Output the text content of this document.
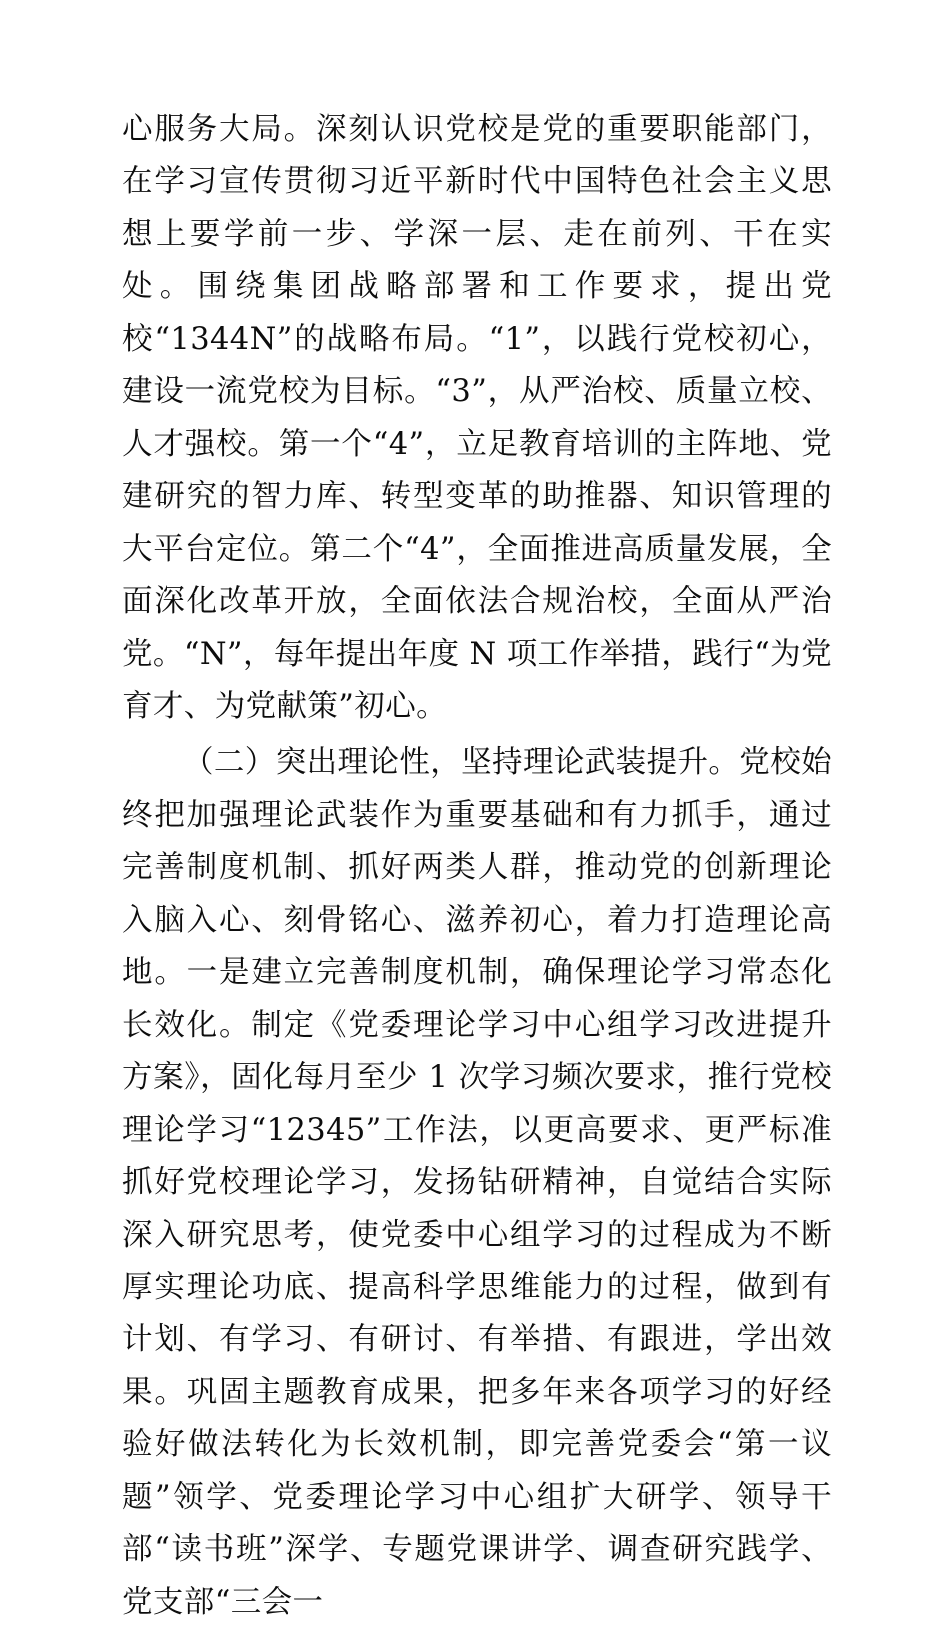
心服务大局。深刻认识党校是党的重要职能部门，在学习宣传贯彻习近平新时代中国特色社会主义思想上要学前一步、学深一层、走在前列、干在实处。围绕集团战略部署和工作要求，提出党校“1344N”的战略布局。“1”，以践行党校初心，建设一流党校为目标。“3”，从严治校、质量立校、人才强校。第一个“4”，立足教育培训的主阵地、党建研究的智力库、转型变革的助推器、知识管理的大平台定位。第二个“4”，全面推进高质量发展，全面深化改革开放，全面依法合规治校，全面从严治党。“N”，每年提出年度 N 项工作举措，践行“为党育才、为党献策”初心。

（二）突出理论性，坚持理论武装提升。党校始终把加强理论武装作为重要基础和有力抓手，通过完善制度机制、抓好两类人群，推动党的创新理论入脑入心、刻骨铭心、滋养初心，着力打造理论高地。一是建立完善制度机制，确保理论学习常态化长效化。制定《党委理论学习中心组学习改进提升方案》，固化每月至少 1 次学习频次要求，推行党校理论学习“12345”工作法，以更高要求、更严标准抓好党校理论学习，发扬钻研精神，自觉结合实际深入研究思考，使党委中心组学习的过程成为不断厚实理论功底、提高科学思维能力的过程，做到有计划、有学习、有研讨、有举措、有跟进，学出效果。巩固主题教育成果，把多年来各项学习的好经验好做法转化为长效机制，即完善党委会“第一议题”领学、党委理论学习中心组扩大研学、领导干部“读书班”深学、专题党课讲学、调查研究践学、党支部“三会一
